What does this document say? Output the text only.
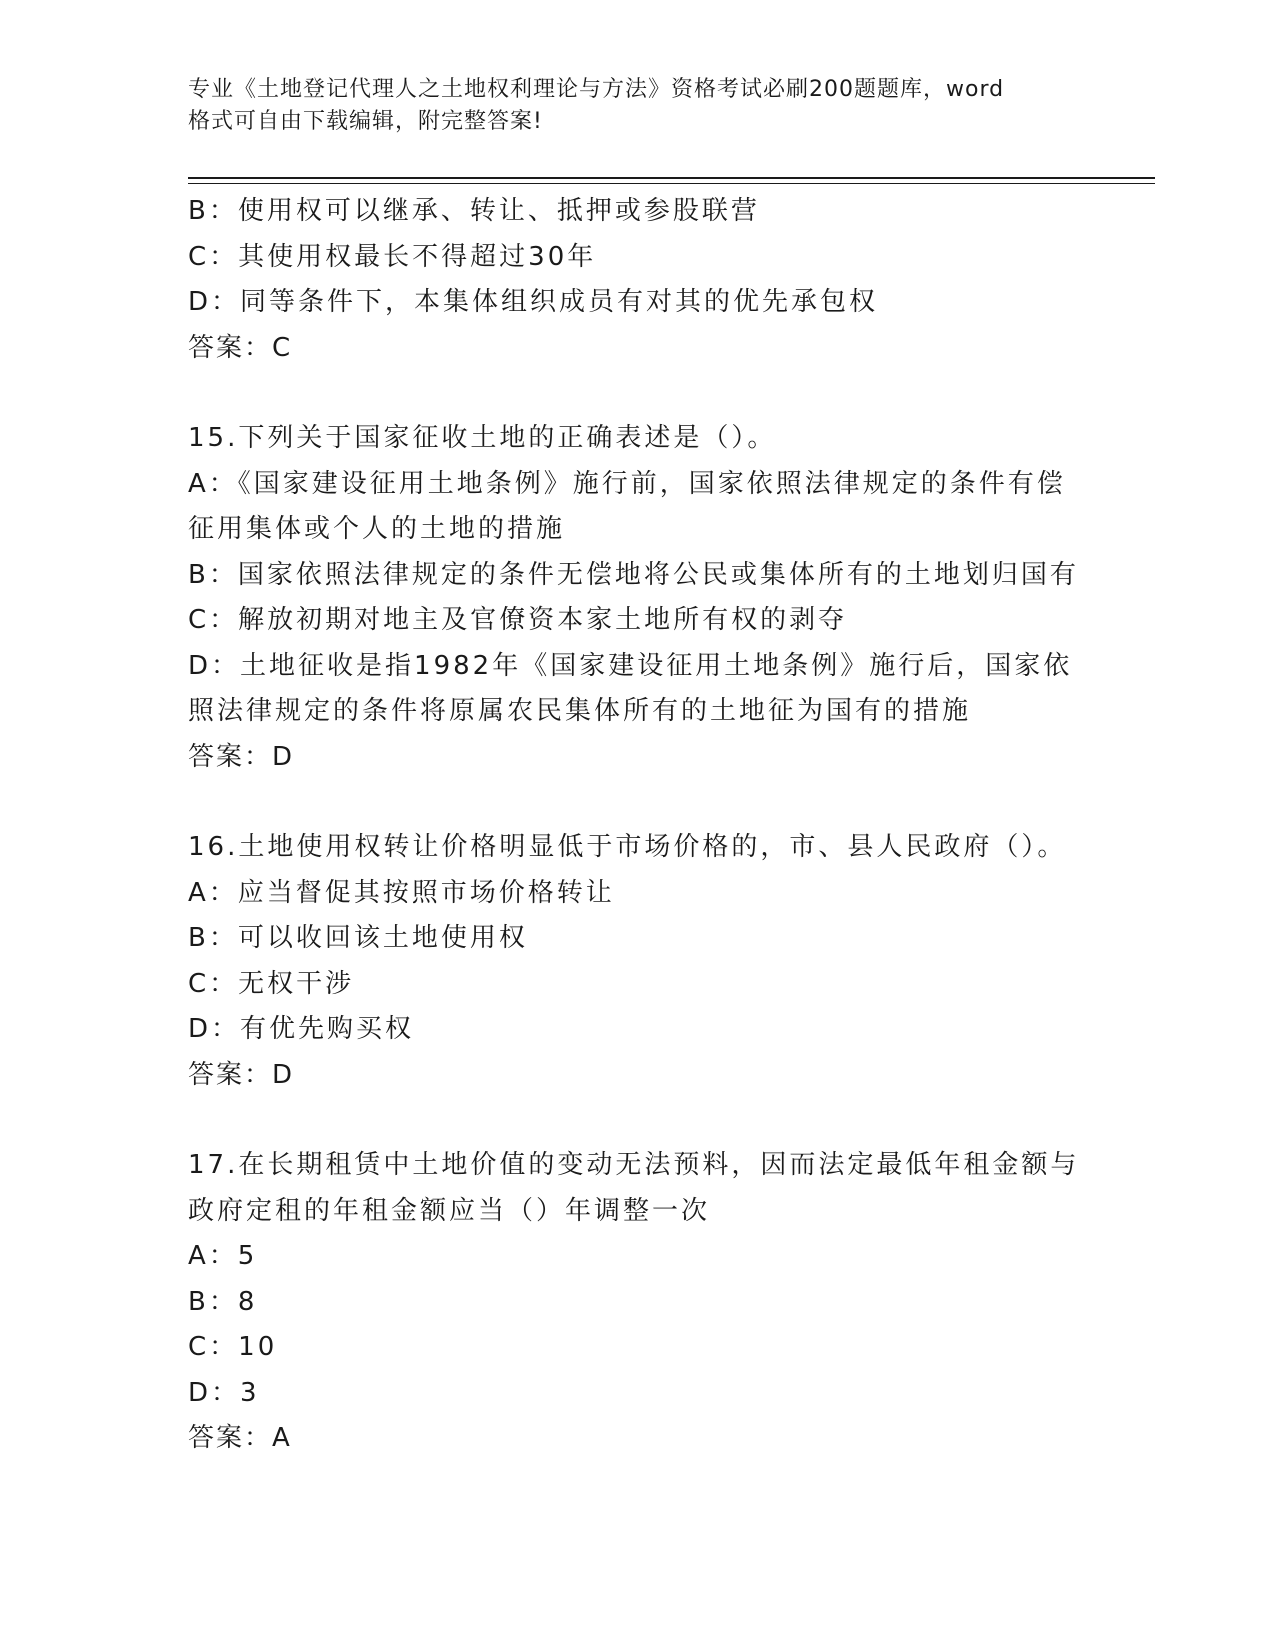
专业《土地登记代理人之土地权利理论与方法》资格考试必刷200题题库，word
格式可自由下载编辑，附完整答案!

B：使用权可以继承、转让、抵押或参股联营

C：其使用权最长不得超过30年

D：同等条件下，本集体组织成员有对其的优先承包权

答案：C

15.下列关于国家征收土地的正确表述是（）。

A：《国家建设征用土地条例》施行前，国家依照法律规定的条件有偿

征用集体或个人的土地的措施

B：国家依照法律规定的条件无偿地将公民或集体所有的土地划归国有

C：解放初期对地主及官僚资本家土地所有权的剥夺

D：土地征收是指1982年《国家建设征用土地条例》施行后，国家依

照法律规定的条件将原属农民集体所有的土地征为国有的措施

答案：D

16.土地使用权转让价格明显低于市场价格的，市、县人民政府（）。

A：应当督促其按照市场价格转让

B：可以收回该土地使用权

C：无权干涉

D：有优先购买权

答案：D

17.在长期租赁中土地价值的变动无法预料，因而法定最低年租金额与

政府定租的年租金额应当（）年调整一次

A：5

B：8

C：10

D：3

答案：A
